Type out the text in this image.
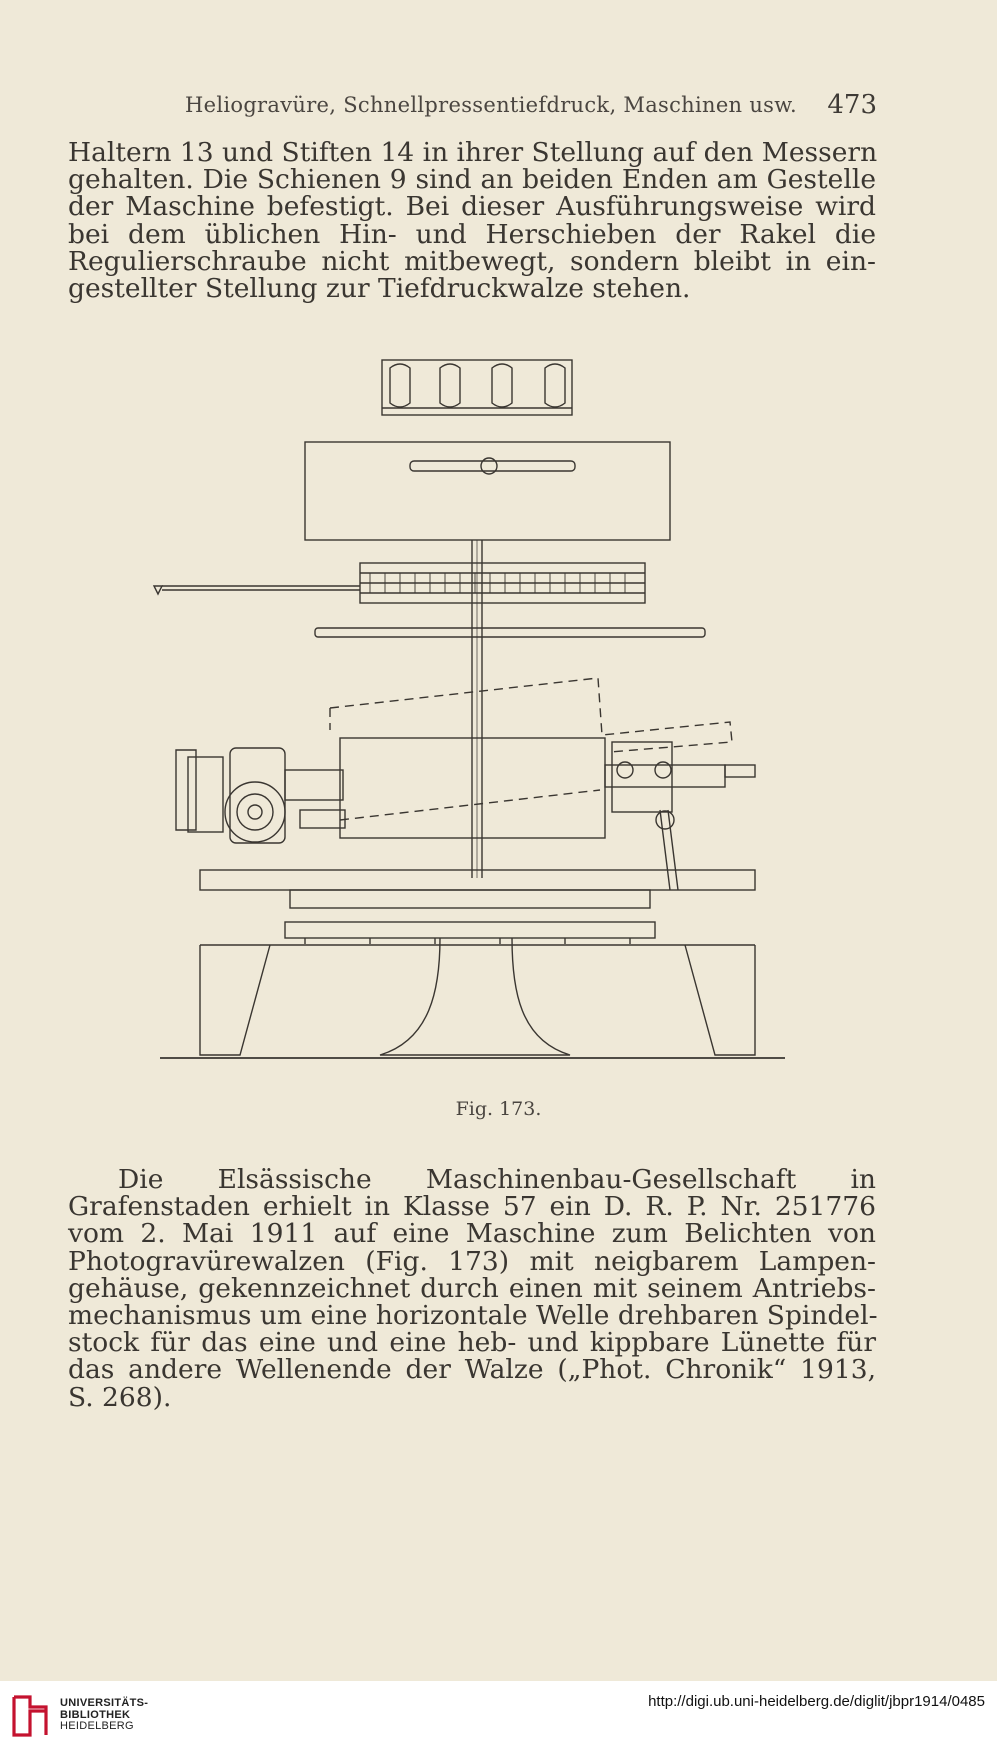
Heliogravüre, Schnellpressentiefdruck, Maschinen usw.	473
Haltern 13 und Stiften 14 in ihrer Stellung auf den Messern
gehalten. Die Schienen 9 sind an beiden Enden am Gestelle
der Maschine befestigt. Bei dieser Ausführungsweise wird
bei dem üblichen Hin- und Herschieben der Rakel die
Regulierschraube nicht mitbewegt, sondern bleibt in ein-
gestellter Stellung zur Tiefdruckwalze stehen.
Fig. 173.
Die Elsässische Maschinenbau-Gesellschaft in
Grafenstaden erhielt in Klasse 57 ein D. R. P. Nr. 251776
vom 2. Mai 1911 auf eine Maschine zum Belichten von
Photogravürewalzen (Fig. 173) mit neigbarem Lampen-
gehäuse, gekennzeichnet durch einen mit seinem Antriebs-
mechanismus um eine horizontale Welle drehbaren Spindel-
stock für das eine und eine heb- und kippbare Lünette für
das andere Wellenende der Walze („Phot. Chronik“ 1913,
S. 268).
UNIVERSITÄTS-
BIBLIOTHEK
HEIDELBERG
http://digi.ub.uni-heidelberg.de/diglit/jbpr1914/0485
